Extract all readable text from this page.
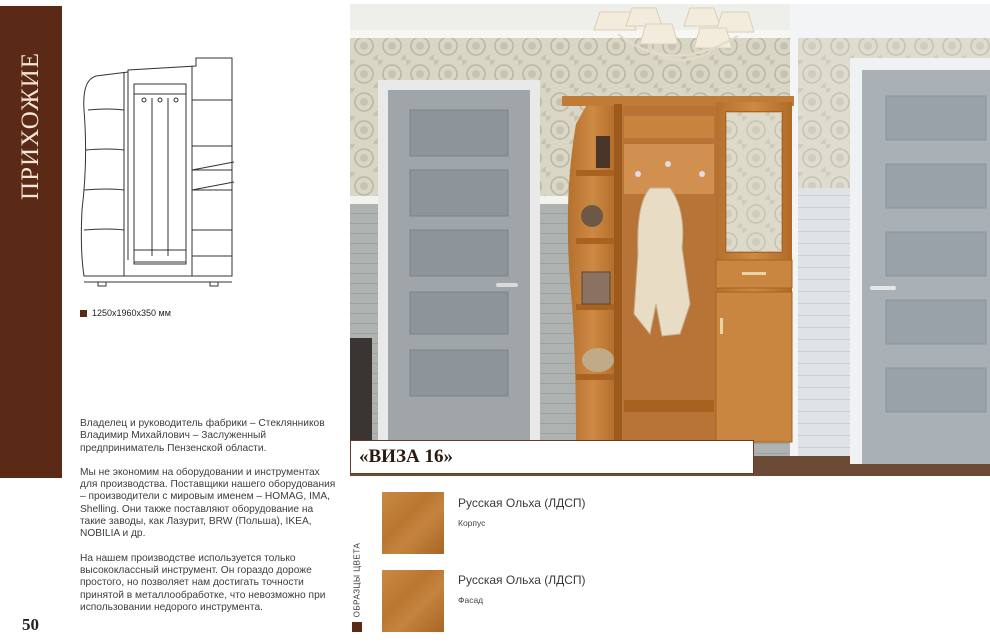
ПРИХОЖИЕ
1250х1960х350 мм

Владелец и руководитель фабрики – Стеклянников Владимир Михайлович – Заслуженный предприниматель Пензенской области.

Мы не экономим на оборудовании и инструментах для производства. Поставщики нашего оборудования – производители с мировым именем – HOMAG, IMA, Shelling. Они также поставляют оборудование на такие заводы, как Лазурит, BRW (Польша), IKEA, NOBILIA и др.

На нашем производстве используется только высококлассный инструмент. Он гораздо дороже простого, но позволяет нам достигать точности принятой в металлообработке, что невозможно при использовании недорого инструмента.

50
«ВИЗА 16»
ОБРАЗЦЫ ЦВЕТА
Русская Ольха (ЛДСП)
Корпус
Русская Ольха (ЛДСП)
Фасад
